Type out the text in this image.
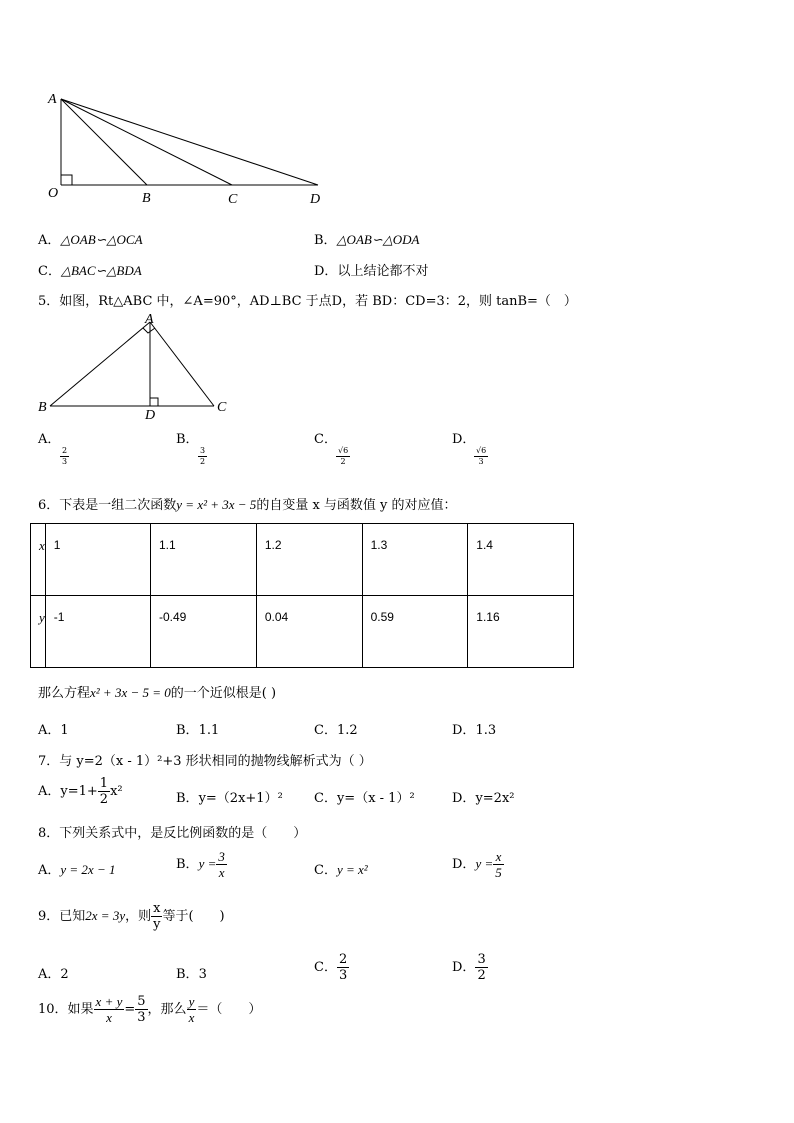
A
O	B	C	D
A．△OAB∽△OCA	B．△OAB∽△ODA
C．△BAC∽△BDA	D．以上结论都不对
5．如图，Rt△ABC 中，∠A=90°，AD⊥BC 于点D，若 BD：CD=3：2，则 tanB=（　）
A
B
D
C
A．

$\frac{2}{3}$
B．

$\frac{3}{2}$
C．

$\frac{√6}{2}$
D．

$\frac{√6}{3}$
6．下表是一组二次函数y = x² + 3x − 5的自变量 x 与函数值 y 的对应值：
x	1	1.1	1.2	1.3	1.4
y	-1	-0.49	0.04	0.59	1.16
那么方程x² + 3x − 5 = 0的一个近似根是( )
A．1	B．1.1	C．1.2	D．1.3
7．与 y=2（x - 1）²+3 形状相同的抛物线解析式为（ ）
A．$y=1+ \frac{1}{2} x^2$	B．y=（2x+1）² C．y=（x - 1）²	D．y=2x²
8．下列关系式中，是反比例函数的是（　　）
A．y = 2x − 1	B．$y = \frac{3}{x}$	C．y = x²	D．$y = \frac{x}{5}$
9．已知2x = 3y，则 $\frac{x}{y}$ 等于(　　)
A．2	B．3	C． $\frac{2}{3}$	D． $\frac{3}{2}$
10．如果 $\frac{x + y}{x} = \frac{5}{3}$ ，那么 $\frac{y}{x}$ ＝（　　）
